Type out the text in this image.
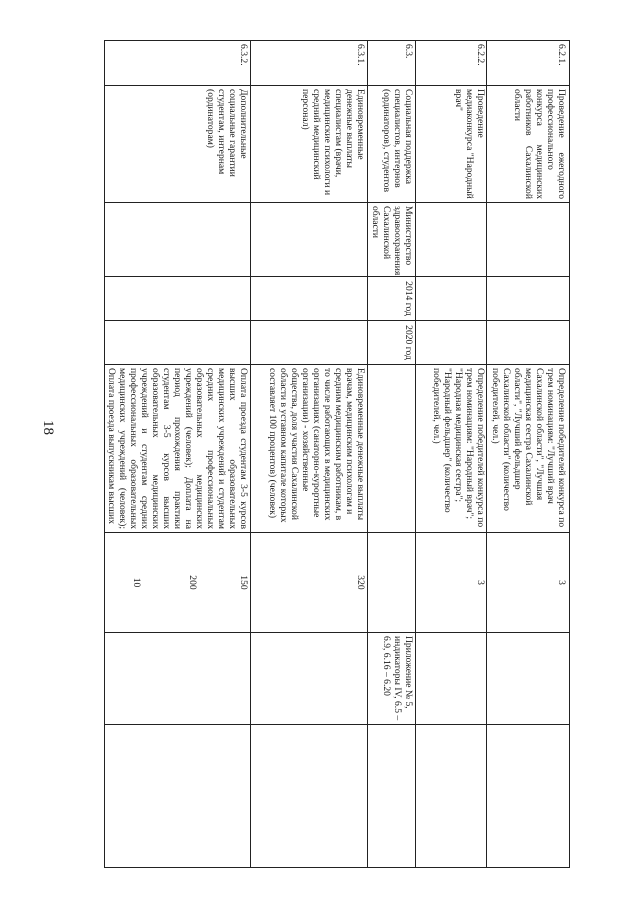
18
6.2.1.
Проведение ежегодного профессионального конкурса медицинских работников Сахалинской области
Определение победителей конкурса по трем номинациям: "Лучший врач Сахалинской области", "Лучшая медицинская сестра Сахалинской области", "Лучший фельдшер Сахалинской области" (количество победителей, чел.)
3
6.2.2.
Проведение медиаконкурса "Народный врач"
Определение победителей конкурса по трем номинациям: "Народный врач"; "Народная медицинская сестра"; "Народный фельдшер" (количество победителей, чел.)
3
6.3.
Социальная поддержка специалистов, интернов (ординаторов), студентов
Министерство здравоохранения Сахалинской области
2014 год
2020 год
Приложение № 5, индикаторы IV, 6.5 – 6.9, 6.16 – 6.20
6.3.1.
Единовременные денежные выплаты специалистам (врачи, медицинские психологи и средний медицинский персонал)
Единовременные денежные выплаты врачам, медицинским психологам и средним медицинским работникам, в то числе работающих в медицинских организациях (санаторно-курортные организации) - хозяйственные общества, доля участия Сахалинской области в уставном капитале которых составляет 100 процентов) (человек)
320
6.3.2.
Дополнительные социальные гарантии студентам, интернам (ординаторам)
Оплата проезда студентам 3-5 курсов высших образовательных медицинских учреждений и студентам средних профессиональных образовательных медицинских учреждений (человек); Доплата на период прохождения практики студентам 3-5 курсов высших образовательных медицинских учреждений и студентам средних профессиональных образовательных медицинских учреждений (человек); Оплата проезда выпускникам высших
150
200
10
